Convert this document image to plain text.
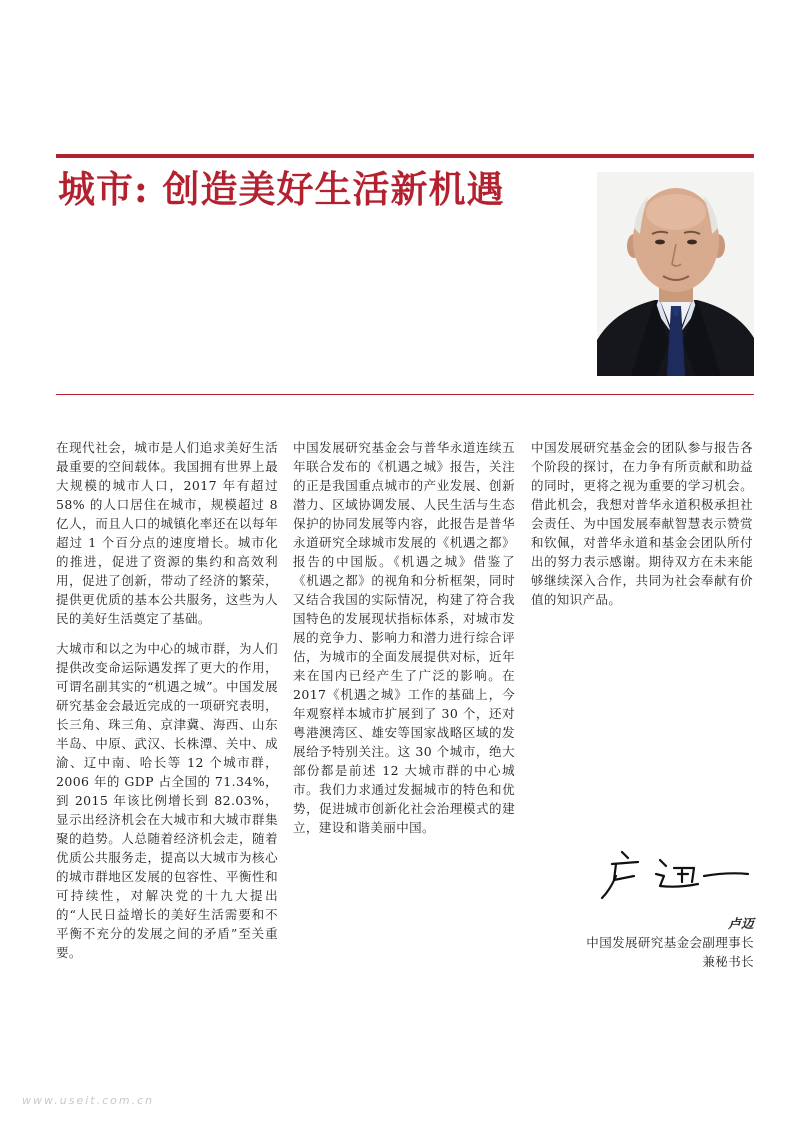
城市: 创造美好生活新机遇

在现代社会，城市是人们追求美好生活最重要的空间载体。我国拥有世界上最大规模的城市人口，2017 年有超过 58% 的人口居住在城市，规模超过 8 亿人，而且人口的城镇化率还在以每年超过 1 个百分点的速度增长。城市化的推进，促进了资源的集约和高效利用，促进了创新，带动了经济的繁荣，提供更优质的基本公共服务，这些为人民的美好生活奠定了基础。

大城市和以之为中心的城市群，为人们提供改变命运际遇发挥了更大的作用，可谓名副其实的“机遇之城”。中国发展研究基金会最近完成的一项研究表明，长三角、珠三角、京津冀、海西、山东半岛、中原、武汉、长株潭、关中、成渝、辽中南、哈长等 12 个城市群，2006 年的 GDP 占全国的 71.34%，到 2015 年该比例增长到 82.03%，显示出经济机会在大城市和大城市群集聚的趋势。人总随着经济机会走，随着优质公共服务走，提高以大城市为核心的城市群地区发展的包容性、平衡性和可持续性，对解决党的十九大提出的“人民日益增长的美好生活需要和不平衡不充分的发展之间的矛盾”至关重要。

中国发展研究基金会与普华永道连续五年联合发布的《机遇之城》报告，关注的正是我国重点城市的产业发展、创新潜力、区域协调发展、人民生活与生态保护的协同发展等内容，此报告是普华永道研究全球城市发展的《机遇之都》报告的中国版。《机遇之城》借鉴了《机遇之都》的视角和分析框架，同时又结合我国的实际情况，构建了符合我国特色的发展现状指标体系，对城市发展的竞争力、影响力和潜力进行综合评估，为城市的全面发展提供对标，近年来在国内已经产生了广泛的影响。在 2017《机遇之城》工作的基础上，今年观察样本城市扩展到了 30 个，还对粤港澳湾区、雄安等国家战略区域的发展给予特别关注。这 30 个城市，绝大部份都是前述 12 大城市群的中心城市。我们力求通过发掘城市的特色和优势，促进城市创新化社会治理模式的建立，建设和谐美丽中国。

中国发展研究基金会的团队参与报告各个阶段的探讨，在力争有所贡献和助益的同时，更将之视为重要的学习机会。借此机会，我想对普华永道积极承担社会责任、为中国发展奉献智慧表示赞赏和钦佩，对普华永道和基金会团队所付出的努力表示感谢。期待双方在未来能够继续深入合作，共同为社会奉献有价值的知识产品。

卢迈
中国发展研究基金会副理事长
兼秘书长
www.useit.com.cn
